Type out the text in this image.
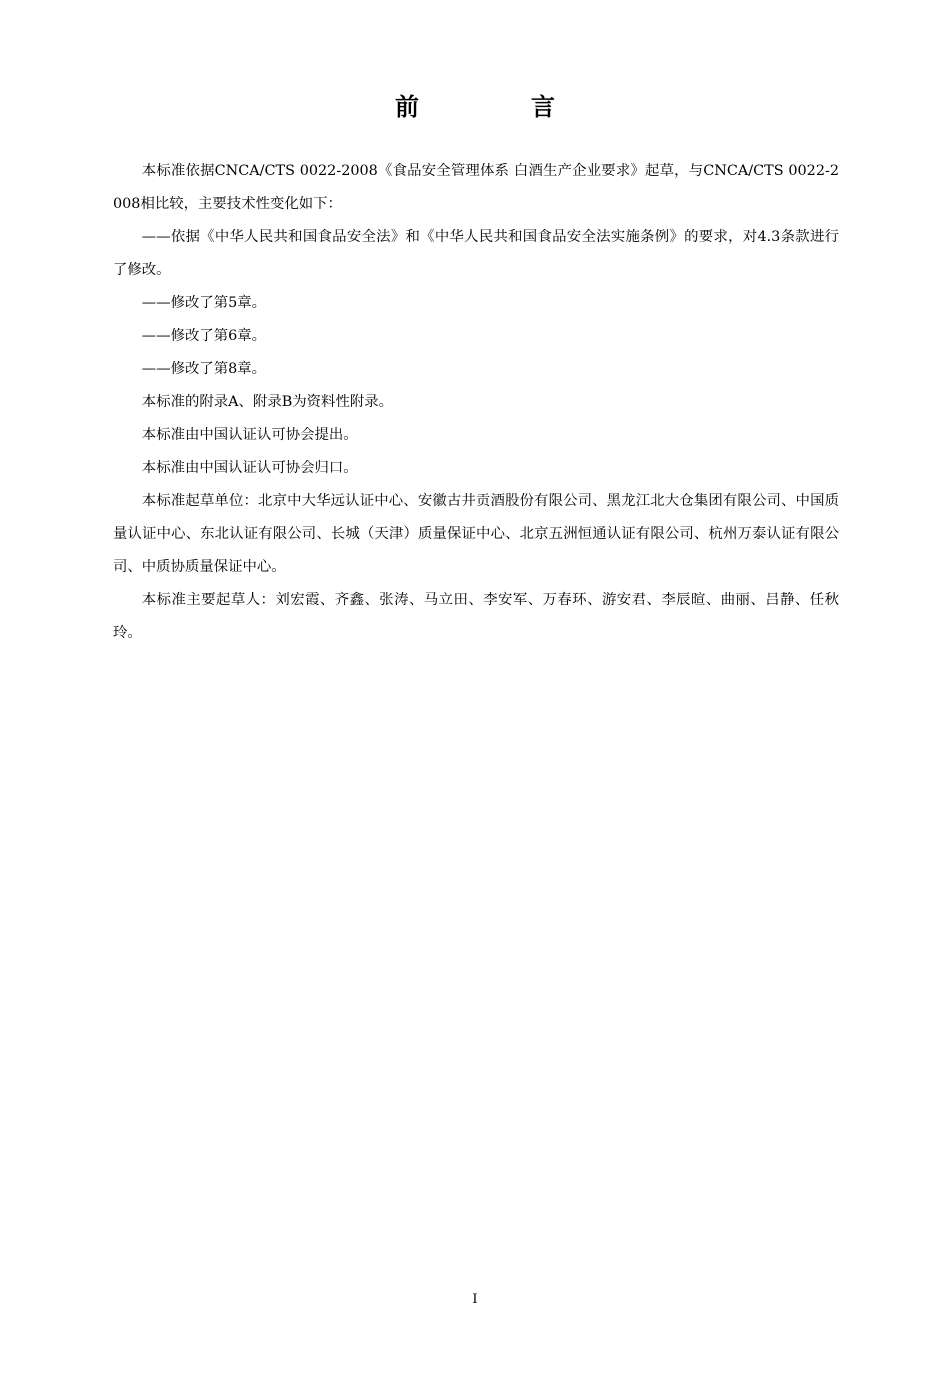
前　言

本标准依据CNCA/CTS 0022-2008《食品安全管理体系 白酒生产企业要求》起草，与CNCA/CTS 0022-2008相比较，主要技术性变化如下：

——依据《中华人民共和国食品安全法》和《中华人民共和国食品安全法实施条例》的要求，对4.3条款进行了修改。

——修改了第5章。

——修改了第6章。

——修改了第8章。

本标准的附录A、附录B为资料性附录。

本标准由中国认证认可协会提出。

本标准由中国认证认可协会归口。

本标准起草单位：北京中大华远认证中心、安徽古井贡酒股份有限公司、黑龙江北大仓集团有限公司、中国质量认证中心、东北认证有限公司、长城（天津）质量保证中心、北京五洲恒通认证有限公司、杭州万泰认证有限公司、中质协质量保证中心。

本标准主要起草人：刘宏霞、齐鑫、张涛、马立田、李安军、万春环、游安君、李辰暄、曲丽、吕静、任秋玲。

I
